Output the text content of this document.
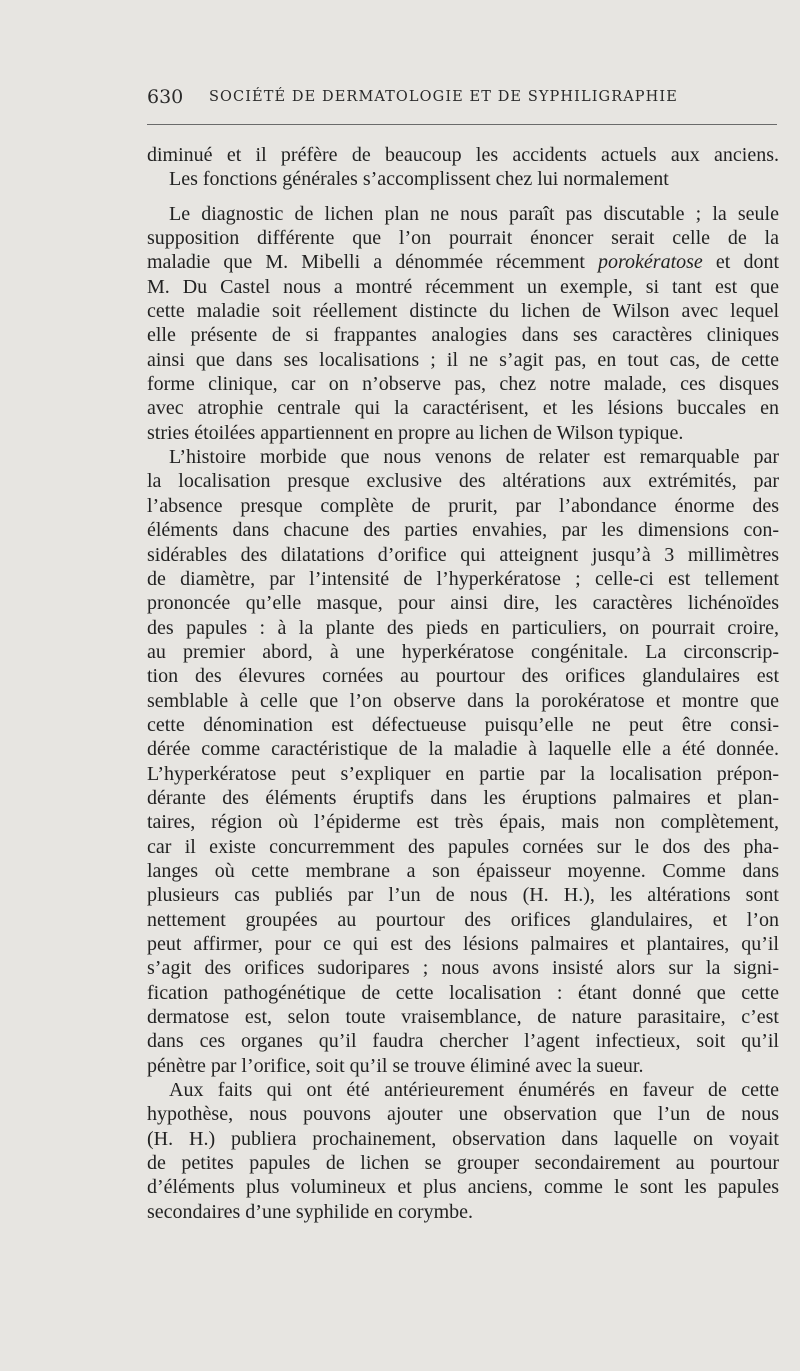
630 SOCIÉTÉ DE DERMATOLOGIE ET DE SYPHILIGRAPHIE
diminué et il préfère de beaucoup les accidents actuels aux anciens.
Les fonctions générales s’accomplissent chez lui normalement
Le diagnostic de lichen plan ne nous paraît pas discutable ; la seule
supposition différente que l’on pourrait énoncer serait celle de la
maladie que M. Mibelli a dénommée récemment porokératose et dont
M. Du Castel nous a montré récemment un exemple, si tant est que
cette maladie soit réellement distincte du lichen de Wilson avec lequel
elle présente de si frappantes analogies dans ses caractères cliniques
ainsi que dans ses localisations ; il ne s’agit pas, en tout cas, de cette
forme clinique, car on n’observe pas, chez notre malade, ces disques
avec atrophie centrale qui la caractérisent, et les lésions buccales en
stries étoilées appartiennent en propre au lichen de Wilson typique.
L’histoire morbide que nous venons de relater est remarquable par
la localisation presque exclusive des altérations aux extrémités, par
l’absence presque complète de prurit, par l’abondance énorme des
éléments dans chacune des parties envahies, par les dimensions con-
sidérables des dilatations d’orifice qui atteignent jusqu’à 3 millimètres
de diamètre, par l’intensité de l’hyperkératose ; celle-ci est tellement
prononcée qu’elle masque, pour ainsi dire, les caractères lichénoïdes
des papules : à la plante des pieds en particuliers, on pourrait croire,
au premier abord, à une hyperkératose congénitale. La circonscrip-
tion des élevures cornées au pourtour des orifices glandulaires est
semblable à celle que l’on observe dans la porokératose et montre que
cette dénomination est défectueuse puisqu’elle ne peut être consi-
dérée comme caractéristique de la maladie à laquelle elle a été donnée.
L’hyperkératose peut s’expliquer en partie par la localisation prépon-
dérante des éléments éruptifs dans les éruptions palmaires et plan-
taires, région où l’épiderme est très épais, mais non complètement,
car il existe concurremment des papules cornées sur le dos des pha-
langes où cette membrane a son épaisseur moyenne. Comme dans
plusieurs cas publiés par l’un de nous (H. H.), les altérations sont
nettement groupées au pourtour des orifices glandulaires, et l’on
peut affirmer, pour ce qui est des lésions palmaires et plantaires, qu’il
s’agit des orifices sudoripares ; nous avons insisté alors sur la signi-
fication pathogénétique de cette localisation : étant donné que cette
dermatose est, selon toute vraisemblance, de nature parasitaire, c’est
dans ces organes qu’il faudra chercher l’agent infectieux, soit qu’il
pénètre par l’orifice, soit qu’il se trouve éliminé avec la sueur.
Aux faits qui ont été antérieurement énumérés en faveur de cette
hypothèse, nous pouvons ajouter une observation que l’un de nous
(H. H.) publiera prochainement, observation dans laquelle on voyait
de petites papules de lichen se grouper secondairement au pourtour
d’éléments plus volumineux et plus anciens, comme le sont les papules
secondaires d’une syphilide en corymbe.
